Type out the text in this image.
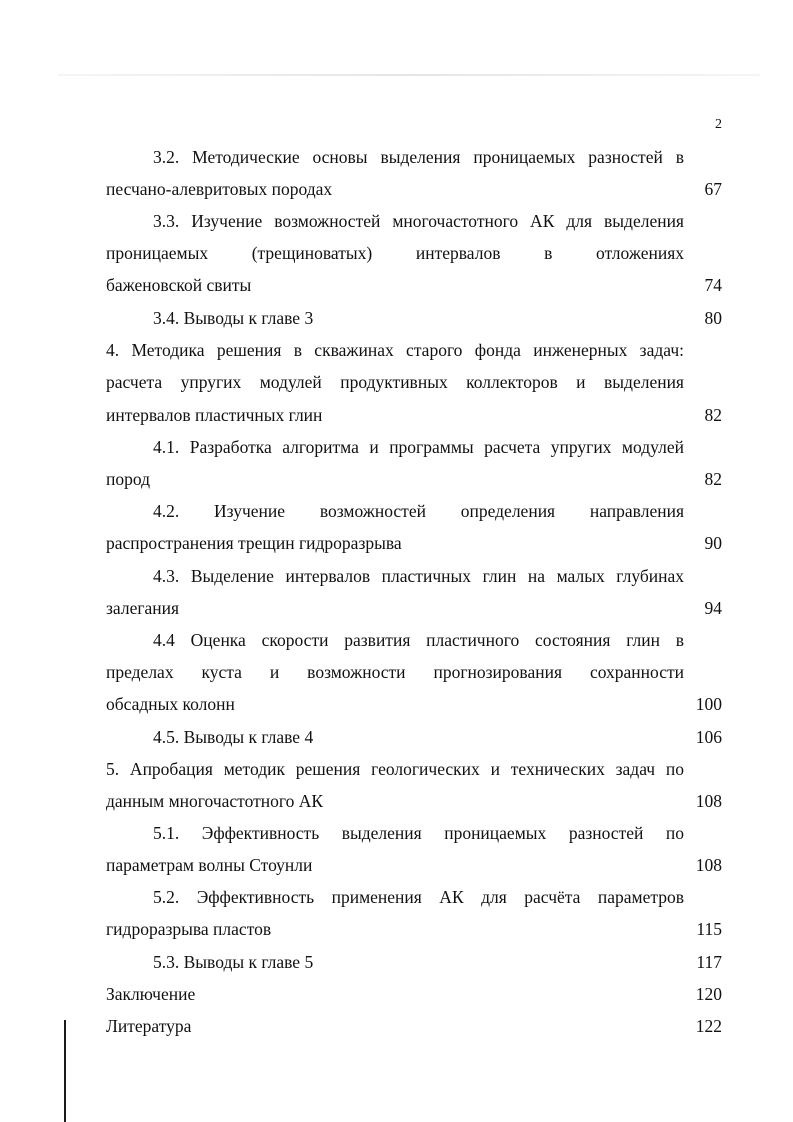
2
3.2. Методические основы выделения проницаемых разностей в
песчано-алевритовых породах	67
3.3. Изучение возможностей многочастотного АК для выделения
проницаемых (трещиноватых) интервалов в отложениях
баженовской свиты	74
3.4. Выводы к главе 3	80
4. Методика решения в скважинах старого фонда инженерных задач:
расчета упругих модулей продуктивных коллекторов и выделения
интервалов пластичных глин	82
4.1. Разработка алгоритма и программы расчета упругих модулей
пород	82
4.2. Изучение возможностей определения направления
распространения трещин гидроразрыва	90
4.3. Выделение интервалов пластичных глин на малых глубинах
залегания	94
4.4 Оценка скорости развития пластичного состояния глин в
пределах куста и возможности прогнозирования сохранности
обсадных колонн	100
4.5. Выводы к главе 4	106
5. Апробация методик решения геологических и технических задач по
данным многочастотного АК	108
5.1. Эффективность выделения проницаемых разностей по
параметрам волны Стоунли	108
5.2. Эффективность применения АК для расчёта параметров
гидроразрыва пластов	115
5.3. Выводы к главе 5	117
Заключение	120
Литература	122
